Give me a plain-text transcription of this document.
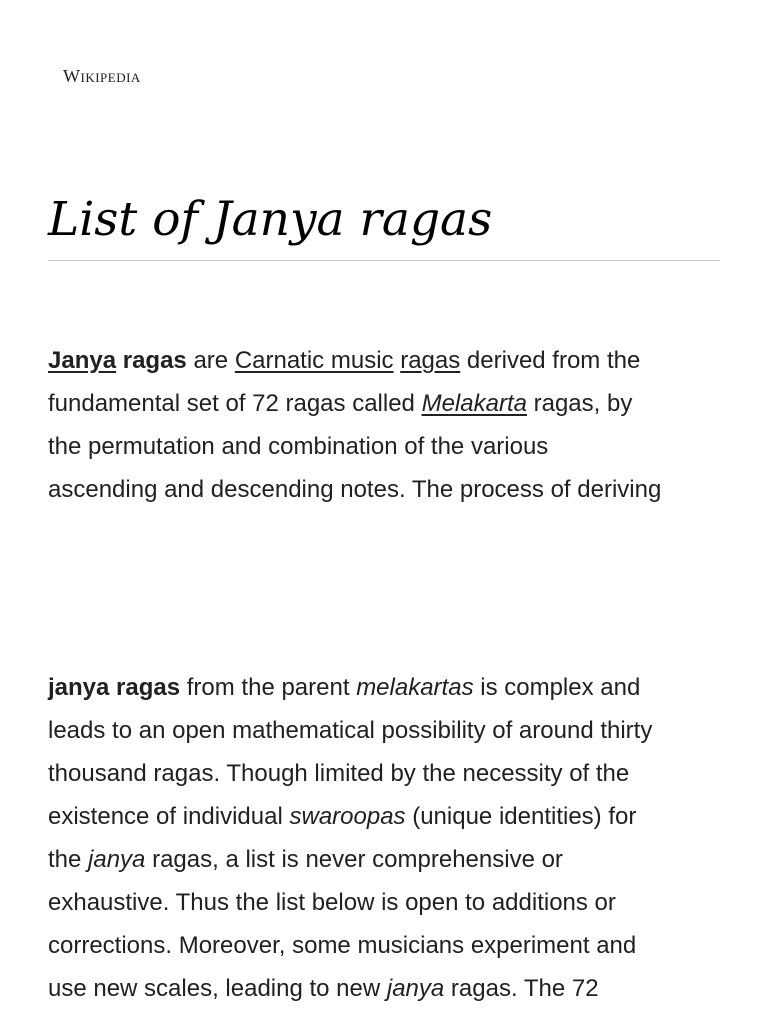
Wikipedia
List of Janya ragas

Janya ragas are Carnatic music ragas derived from the
fundamental set of 72 ragas called Melakarta ragas, by
the permutation and combination of the various
ascending and descending notes. The process of deriving

janya ragas from the parent melakartas is complex and
leads to an open mathematical possibility of around thirty
thousand ragas. Though limited by the necessity of the
existence of individual swaroopas (unique identities) for
the janya ragas, a list is never comprehensive or
exhaustive. Thus the list below is open to additions or
corrections. Moreover, some musicians experiment and
use new scales, leading to new janya ragas. The 72
